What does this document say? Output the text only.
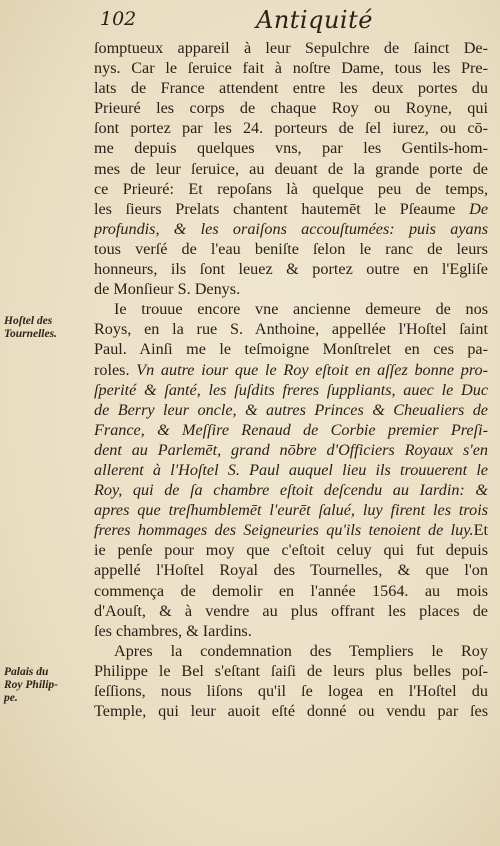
102	Antiquité
Hoſtel des
Tournelles.
Palais du
Roy Philip-
pe.
ſomptueux appareil à leur Sepulchre de ſainct De-
nys. Car le ſeruice fait à noſtre Dame, tous les Pre-
lats de France attendent entre les deux portes du
Prieuré les corps de chaque Roy ou Royne, qui
ſont portez par les 24. porteurs de ſel iurez, ou cō-
me depuis quelques vns, par les Gentils-hom-
mes de leur ſeruice, au deuant de la grande porte de
ce Prieuré: Et repoſans là quelque peu de temps,
les ſieurs Prelats chantent hautemēt le Pſeaume De
profundis, & les oraiſons accouſtumées: puis ayans
tous verſé de l'eau beniſte ſelon le ranc de leurs
honneurs, ils ſont leuez & portez outre en l'Egliſe
de Monſieur S. Denys.
Ie trouue encore vne ancienne demeure de nos
Roys, en la rue S. Anthoine, appellée l'Hoſtel ſaint
Paul. Ainſi me le teſmoigne Monſtrelet en ces pa-
roles. Vn autre iour que le Roy eſtoit en aſſez bonne pro-
ſperité & ſanté, les ſuſdits freres ſuppliants, auec le Duc
de Berry leur oncle, & autres Princes & Cheualiers de
France, & Meſſire Renaud de Corbie premier Preſi-
dent au Parlemēt, grand nōbre d'Officiers Royaux s'en
allerent à l'Hoſtel S. Paul auquel lieu ils trouuerent le
Roy, qui de ſa chambre eſtoit deſcendu au Iardin: &
apres que treſhumblemēt l'eurēt ſalué, luy firent les trois
freres hommages des Seigneuries qu'ils tenoient de luy.Et
ie penſe pour moy que c'eſtoit celuy qui fut depuis
appellé l'Hoſtel Royal des Tournelles, & que l'on
commença de demolir en l'année 1564. au mois
d'Aouſt, & à vendre au plus offrant les places de
ſes chambres, & Iardins.
Apres la condemnation des Templiers le Roy
Philippe le Bel s'eſtant ſaiſi de leurs plus belles poſ-
ſeſſions, nous liſons qu'il ſe logea en l'Hoſtel du
Temple, qui leur auoit eſté donné ou vendu par ſes
